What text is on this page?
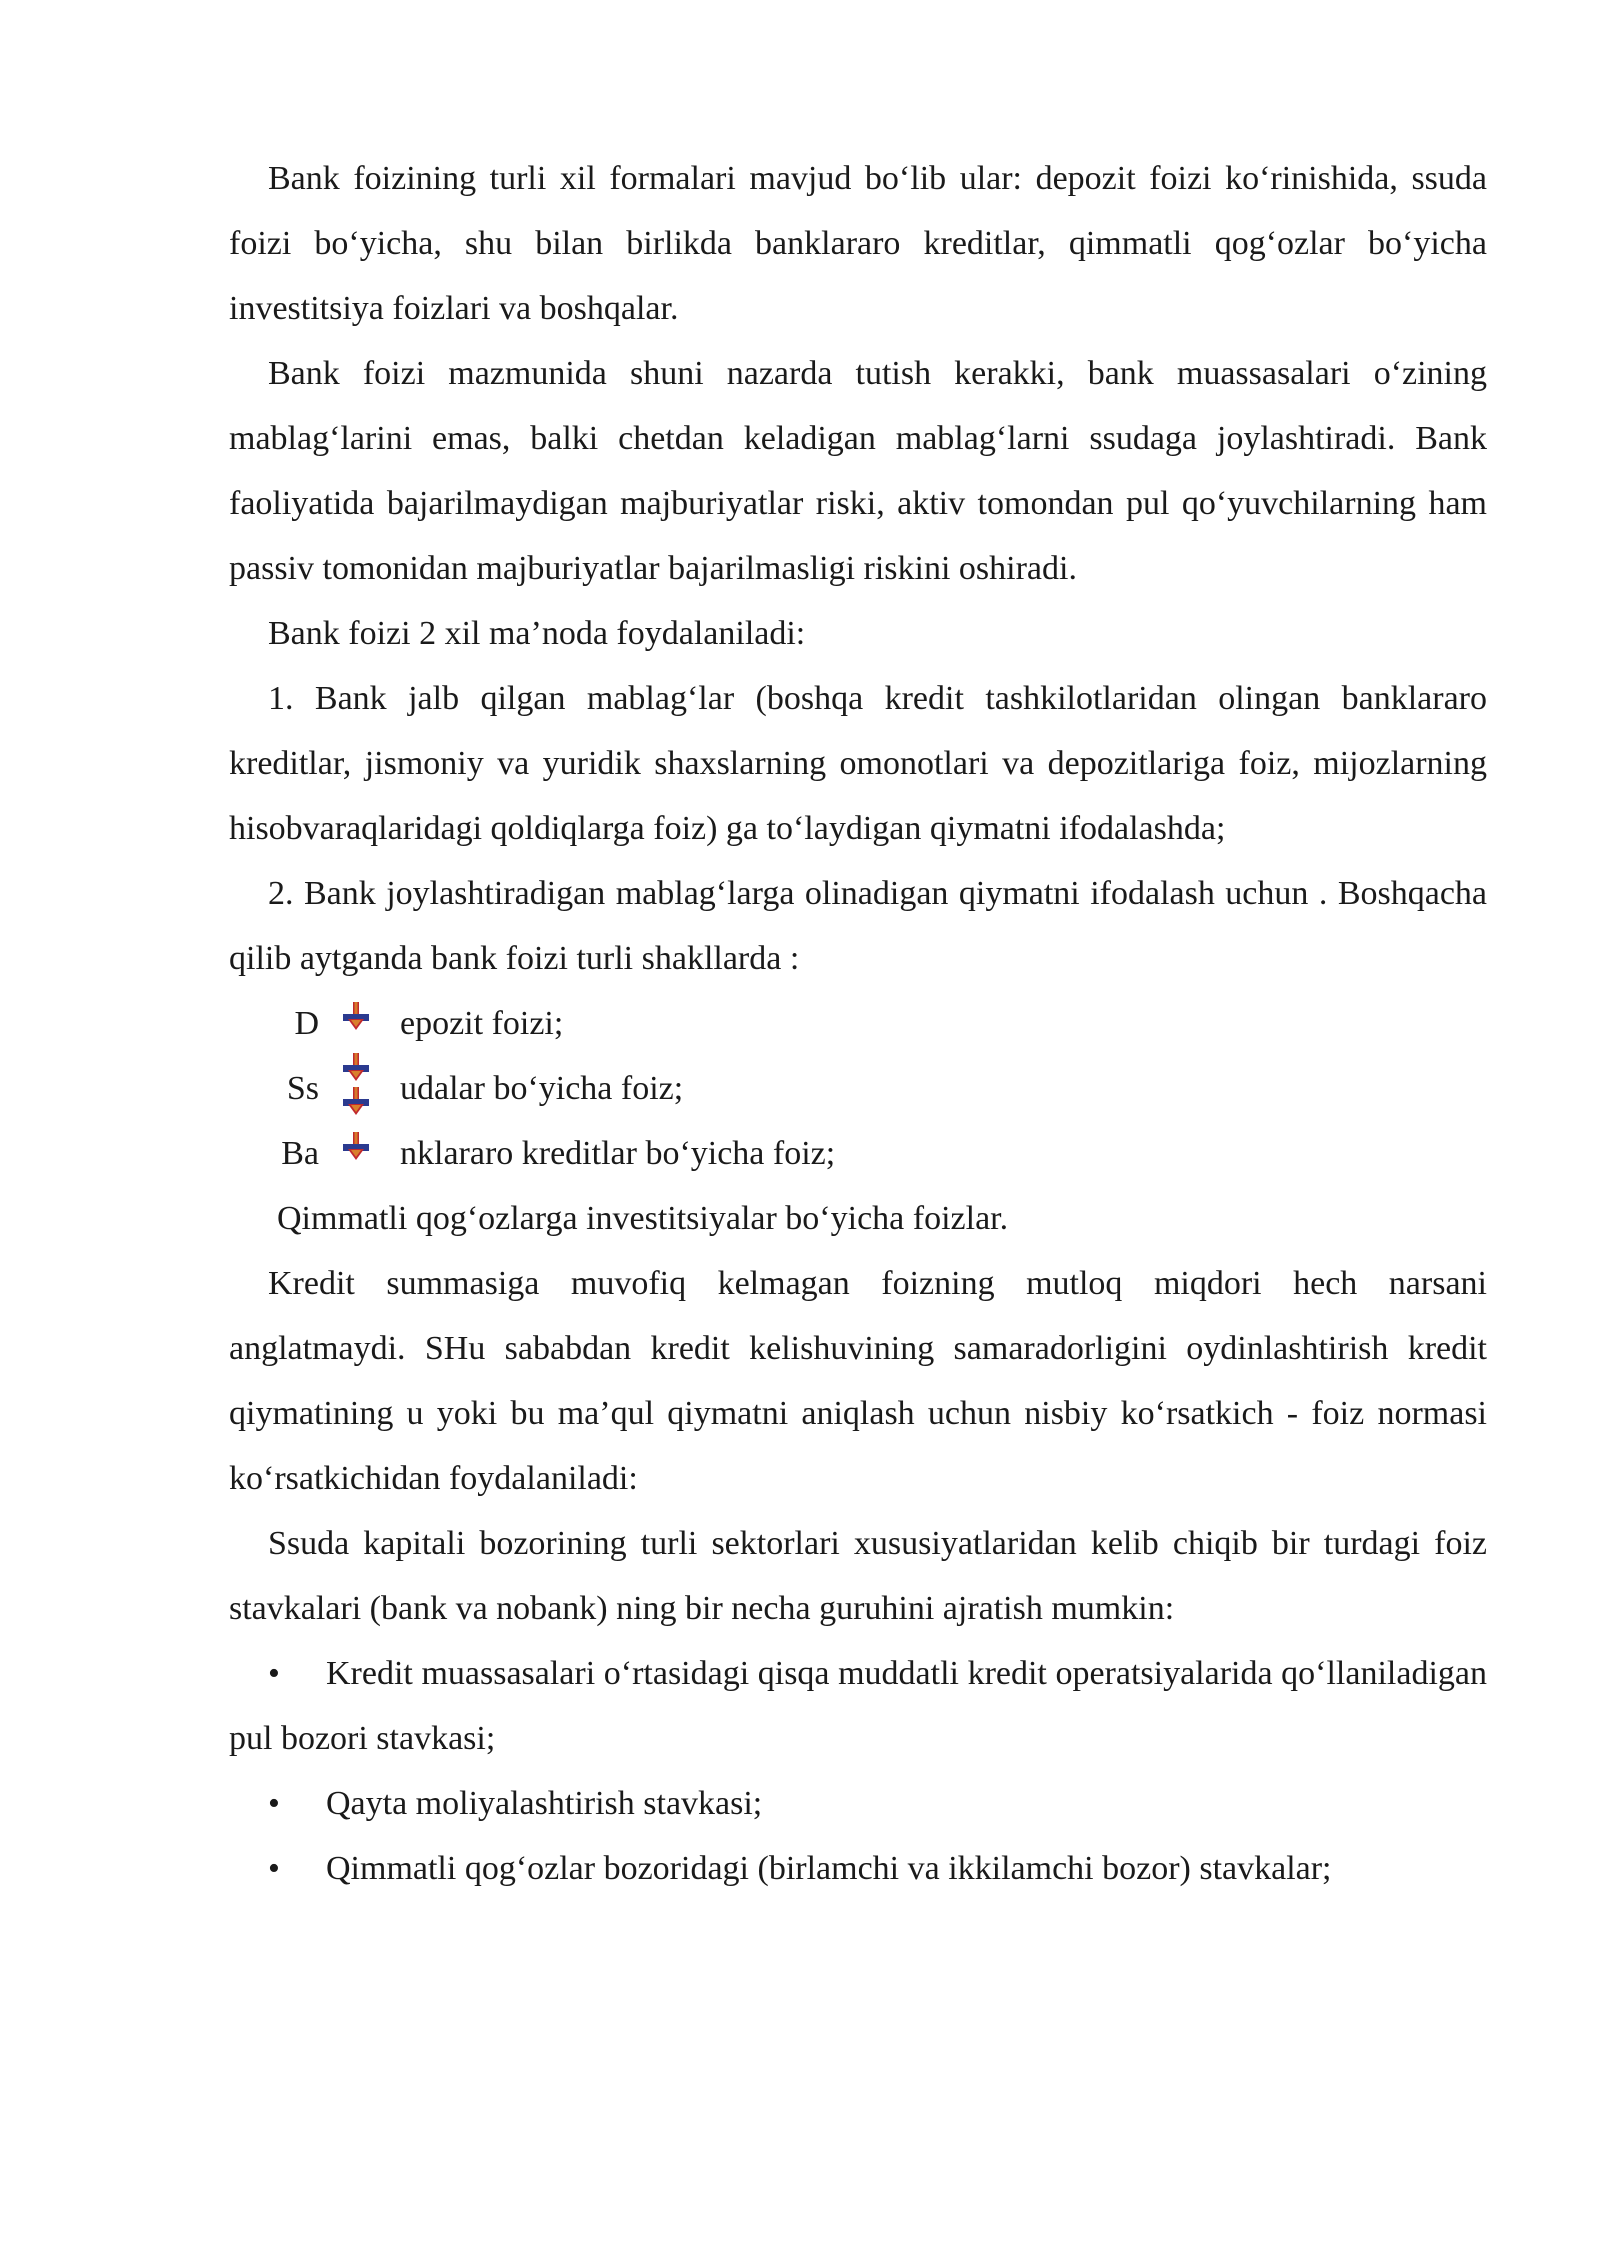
Bank foizining turli xil formalari mavjud bo‘lib ular: depozit foizi ko‘rinishida, ssuda foizi bo‘yicha, shu bilan birlikda banklararo kreditlar, qimmatli qog‘ozlar bo‘yicha investitsiya foizlari va boshqalar.

Bank foizi mazmunida shuni nazarda tutish kerakki, bank muassasalari o‘zining mablag‘larini emas, balki chetdan keladigan mablag‘larni ssudaga joylashtiradi. Bank faoliyatida bajarilmaydigan majburiyatlar riski, aktiv tomondan pul qo‘yuvchilarning ham passiv tomonidan majburiyatlar bajarilmasligi riskini oshiradi.

Bank foizi 2 xil ma’noda foydalaniladi:

1. Bank jalb qilgan mablag‘lar (boshqa kredit tashkilotlaridan olingan banklararo kreditlar, jismoniy va yuridik shaxslarning omonotlari va depozitlariga foiz, mijozlarning hisobvaraqlaridagi qoldiqlarga foiz) ga to‘laydigan qiymatni ifodalashda;

2. Bank joylashtiradigan mablag‘larga olinadigan qiymatni ifodalash uchun . Boshqacha qilib aytganda bank foizi turli shakllarda :

D epozit foizi;
Ss udalar bo‘yicha foiz;
Ba nklararo kreditlar bo‘yicha foiz;

Qimmatli qog‘ozlarga investitsiyalar bo‘yicha foizlar.

Kredit summasiga muvofiq kelmagan foizning mutloq miqdori hech narsani anglatmaydi. SHu sababdan kredit kelishuvining samaradorligini oydinlashtirish kredit qiymatining u yoki bu ma’qul qiymatni aniqlash uchun nisbiy ko‘rsatkich - foiz normasi ko‘rsatkichidan foydalaniladi:

Ssuda kapitali bozorining turli sektorlari xususiyatlaridan kelib chiqib bir turdagi foiz stavkalari (bank va nobank) ning bir necha guruhini ajratish mumkin:

• Kredit muassasalari o‘rtasidagi qisqa muddatli kredit operatsiyalarida qo‘llaniladigan pul bozori stavkasi;

• Qayta moliyalashtirish stavkasi;

• Qimmatli qog‘ozlar bozoridagi (birlamchi va ikkilamchi bozor) stavkalar;
